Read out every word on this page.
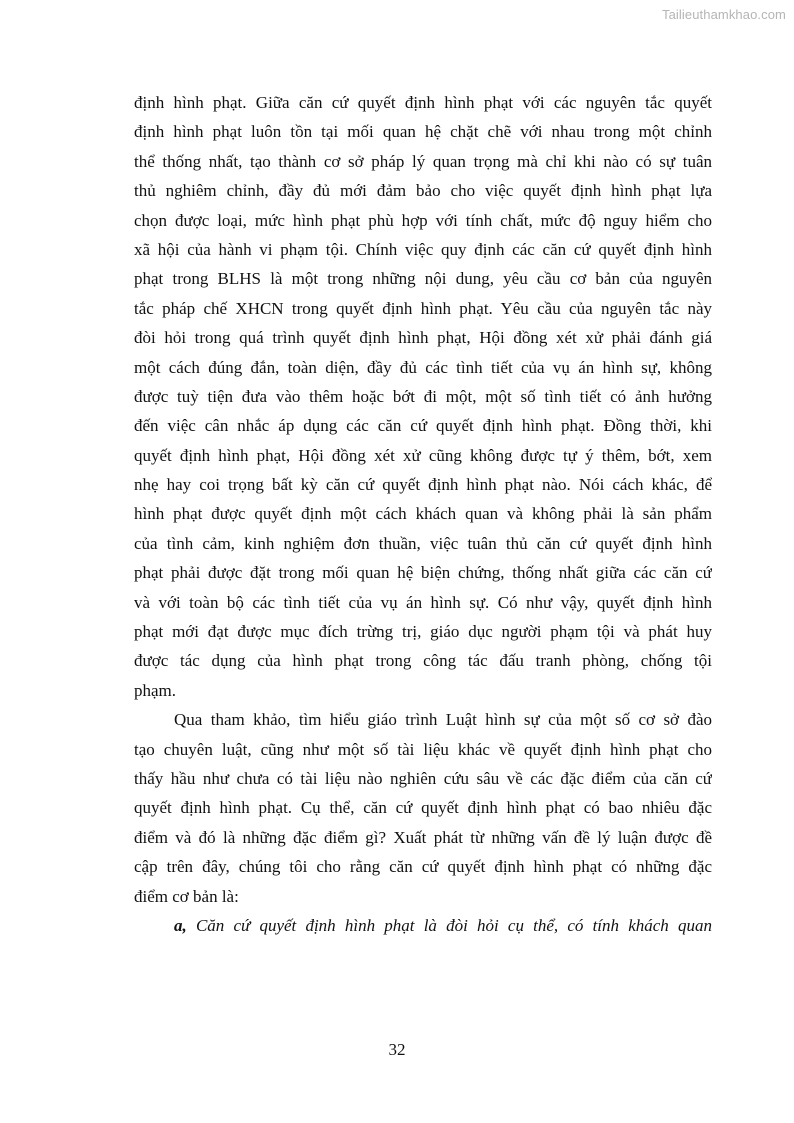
Tailieuthamkhao.com
định hình phạt. Giữa căn cứ quyết định hình phạt với các nguyên tắc quyết
định hình phạt luôn tồn tại mối quan hệ chặt chẽ với nhau trong một chỉnh
thể thống nhất, tạo thành cơ sở pháp lý quan trọng mà chỉ khi nào có sự tuân
thủ nghiêm chỉnh, đầy đủ mới đảm bảo cho việc quyết định hình phạt lựa
chọn được loại, mức hình phạt phù hợp với tính chất, mức độ nguy hiểm cho
xã hội của hành vi phạm tội. Chính việc quy định các căn cứ quyết định hình
phạt trong BLHS là một trong những nội dung, yêu cầu cơ bản của nguyên
tắc pháp chế XHCN trong quyết định hình phạt. Yêu cầu của nguyên tắc này
đòi hỏi trong quá trình quyết định hình phạt, Hội đồng xét xử phải đánh giá
một cách đúng đắn, toàn diện, đầy đủ các tình tiết của vụ án hình sự, không
được tuỳ tiện đưa vào thêm hoặc bớt đi một, một số tình tiết có ảnh hưởng
đến việc cân nhắc áp dụng các căn cứ quyết định hình phạt. Đồng thời, khi
quyết định hình phạt, Hội đồng xét xử cũng không được tự ý thêm, bớt, xem
nhẹ hay coi trọng bất kỳ căn cứ quyết định hình phạt nào. Nói cách khác, để
hình phạt được quyết định một cách khách quan và không phải là sản phẩm
của tình cảm, kinh nghiệm đơn thuần, việc tuân thủ căn cứ quyết định hình
phạt phải được đặt trong mối quan hệ biện chứng, thống nhất giữa các căn cứ
và với toàn bộ các tình tiết của vụ án hình sự. Có như vậy, quyết định hình
phạt mới đạt được mục đích trừng trị, giáo dục người phạm tội và phát huy
được tác dụng của hình phạt trong công tác đấu tranh phòng, chống tội
phạm.
Qua tham khảo, tìm hiểu giáo trình Luật hình sự của một số cơ sở đào
tạo chuyên luật, cũng như một số tài liệu khác về quyết định hình phạt cho
thấy hầu như chưa có tài liệu nào nghiên cứu sâu về các đặc điểm của căn cứ
quyết định hình phạt. Cụ thể, căn cứ quyết định hình phạt có bao nhiêu đặc
điểm và đó là những đặc điểm gì? Xuất phát từ những vấn đề lý luận được đề
cập trên đây, chúng tôi cho rằng căn cứ quyết định hình phạt có những đặc
điểm cơ bản là:
a, Căn cứ quyết định hình phạt là đòi hỏi cụ thể, có tính khách quan
32
